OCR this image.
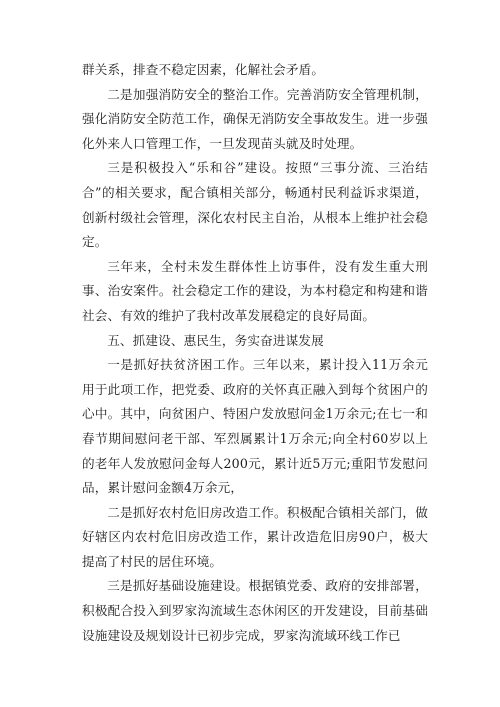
群关系，排查不稳定因素，化解社会矛盾。

二是加强消防安全的整治工作。完善消防安全管理机制，强化消防安全防范工作，确保无消防安全事故发生。进一步强化外来人口管理工作，一旦发现苗头就及时处理。

三是积极投入“乐和谷”建设。按照“三事分流、三治结合”的相关要求，配合镇相关部分，畅通村民利益诉求渠道，创新村级社会管理，深化农村民主自治，从根本上维护社会稳定。

三年来，全村未发生群体性上访事件，没有发生重大刑事、治安案件。社会稳定工作的建设，为本村稳定和构建和谐社会、有效的维护了我村改革发展稳定的良好局面。

五、抓建设、惠民生，务实奋进谋发展

一是抓好扶贫济困工作。三年以来，累计投入11万余元用于此项工作，把党委、政府的关怀真正融入到每个贫困户的心中。其中，向贫困户、特困户发放慰问金1万余元;在七一和春节期间慰问老干部、军烈属累计1万余元;向全村60岁以上的老年人发放慰问金每人200元，累计近5万元;重阳节发慰问品，累计慰问金额4万余元，

二是抓好农村危旧房改造工作。积极配合镇相关部门，做好辖区内农村危旧房改造工作，累计改造危旧房90户，极大提高了村民的居住环境。

三是抓好基础设施建设。根据镇党委、政府的安排部署，积极配合投入到罗家沟流域生态休闲区的开发建设，目前基础设施建设及规划设计已初步完成，罗家沟流域环线工作已
